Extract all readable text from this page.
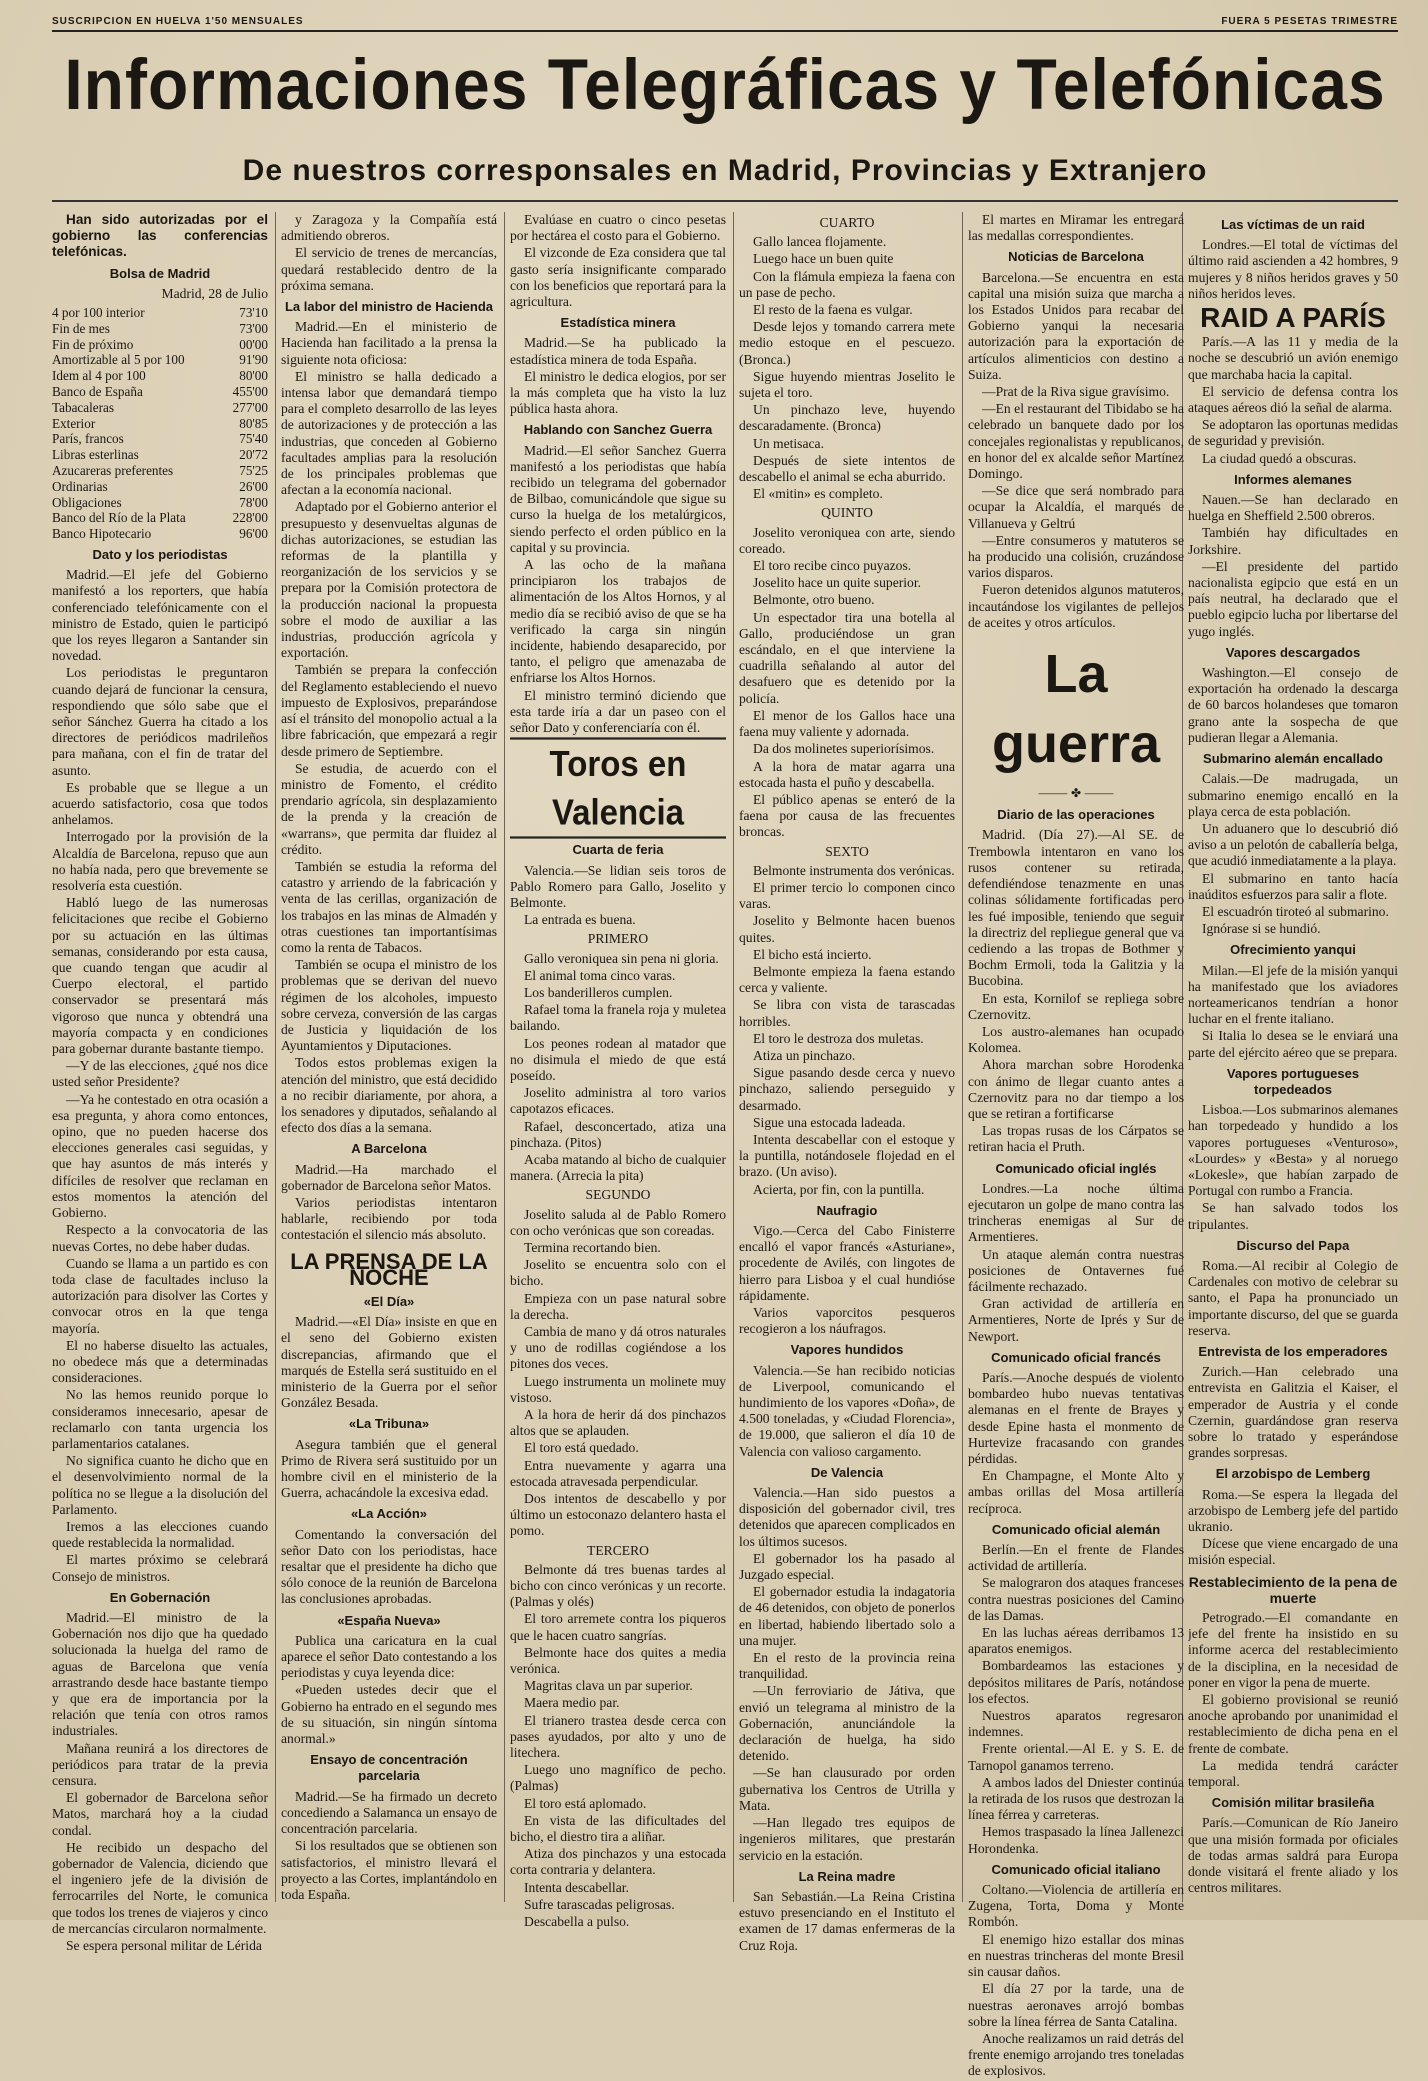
SUSCRIPCION EN HUELVA 1'50 MENSUALES	FUERA 5 PESETAS TRIMESTRE
Informaciones Telegráficas y Telefónicas
De nuestros corresponsales en Madrid, Provincias y Extranjero

Han sido autorizadas por el gobierno las conferencias telefónicas.

Bolsa de Madrid
Madrid, 28 de Julio
4 por 100 interior	73'10
Fin de mes	73'00
Fin de próximo	00'00
Amortizable al 5 por 100	91'90
Idem al 4 por 100	80'00
Banco de España	455'00
Tabacaleras	277'00
Exterior	80'85
París, francos	75'40
Libras esterlinas	20'72
Azucareras preferentes	75'25
Ordinarias	26'00
Obligaciones	78'00
Banco del Río de la Plata	228'00
Banco Hipotecario	96'00
Dato y los periodistas

Madrid.—El jefe del Gobierno manifestó a los reporters, que había conferenciado telefónicamente con el ministro de Estado, quien le participó que los reyes llegaron a Santander sin novedad.

Los periodistas le preguntaron cuando dejará de funcionar la censura, respondiendo que sólo sabe que el señor Sánchez Guerra ha citado a los directores de periódicos madrileños para mañana, con el fin de tratar del asunto.

Es probable que se llegue a un acuerdo satisfactorio, cosa que todos anhelamos.

Interrogado por la provisión de la Alcaldía de Barcelona, repuso que aun no había nada, pero que brevemente se resolvería esta cuestión.

Habló luego de las numerosas felicitaciones que recibe el Gobierno por su actuación en las últimas semanas, considerando por esta causa, que cuando tengan que acudir al Cuerpo electoral, el partido conservador se presentará más vigoroso que nunca y obtendrá una mayoría compacta y en condiciones para gobernar durante bastante tiempo.

—Y de las elecciones, ¿qué nos dice usted señor Presidente?

—Ya he contestado en otra ocasión a esa pregunta, y ahora como entonces, opino, que no pueden hacerse dos elecciones generales casi seguidas, y que hay asuntos de más interés y difíciles de resolver que reclaman en estos momentos la atención del Gobierno.

Respecto a la convocatoria de las nuevas Cortes, no debe haber dudas.

Cuando se llama a un partido es con toda clase de facultades incluso la autorización para disolver las Cortes y convocar otros en la que tenga mayoría.

El no haberse disuelto las actuales, no obedece más que a determinadas consideraciones.

No las hemos reunido porque lo consideramos innecesario, apesar de reclamarlo con tanta urgencia los parlamentarios catalanes.

No significa cuanto he dicho que en el desenvolvimiento normal de la política no se llegue a la disolución del Parlamento.

Iremos a las elecciones cuando quede restablecida la normalidad.

El martes próximo se celebrará Consejo de ministros.

En Gobernación

Madrid.—El ministro de la Gobernación nos dijo que ha quedado solucionada la huelga del ramo de aguas de Barcelona que venía arrastrando desde hace bastante tiempo y que era de importancia por la relación que tenía con otros ramos industriales.

Mañana reunirá a los directores de periódicos para tratar de la previa censura.

El gobernador de Barcelona señor Matos, marchará hoy a la ciudad condal.

He recibido un despacho del gobernador de Valencia, diciendo que el ingeniero jefe de la división de ferrocarriles del Norte, le comunica que todos los trenes de viajeros y cinco de mercancías circularon normalmente.

Se espera personal militar de Lérida

y Zaragoza y la Compañía está admitiendo obreros.

El servicio de trenes de mercancías, quedará restablecido dentro de la próxima semana.

La labor del ministro de Hacienda

Madrid.—En el ministerio de Hacienda han facilitado a la prensa la siguiente nota oficiosa:

El ministro se halla dedicado a intensa labor que demandará tiempo para el completo desarrollo de las leyes de autorizaciones y de protección a las industrias, que conceden al Gobierno facultades amplias para la resolución de los principales problemas que afectan a la economía nacional.

Adaptado por el Gobierno anterior el presupuesto y desenvueltas algunas de dichas autorizaciones, se estudian las reformas de la plantilla y reorganización de los servicios y se prepara por la Comisión protectora de la producción nacional la propuesta sobre el modo de auxiliar a las industrias, producción agrícola y exportación.

También se prepara la confección del Reglamento estableciendo el nuevo impuesto de Explosivos, preparándose así el tránsito del monopolio actual a la libre fabricación, que empezará a regir desde primero de Septiembre.

Se estudia, de acuerdo con el ministro de Fomento, el crédito prendario agrícola, sin desplazamiento de la prenda y la creación de «warrans», que permita dar fluidez al crédito.

También se estudia la reforma del catastro y arriendo de la fabricación y venta de las cerillas, organización de los trabajos en las minas de Almadén y otras cuestiones tan importantísimas como la renta de Tabacos.

También se ocupa el ministro de los problemas que se derivan del nuevo régimen de los alcoholes, impuesto sobre cerveza, conversión de las cargas de Justicia y liquidación de los Ayuntamientos y Diputaciones.

Todos estos problemas exigen la atención del ministro, que está decidido a no recibir diariamente, por ahora, a los senadores y diputados, señalando al efecto dos días a la semana.

A Barcelona

Madrid.—Ha marchado el gobernador de Barcelona señor Matos.

Varios periodistas intentaron hablarle, recibiendo por toda contestación el silencio más absoluto.

LA PRENSA DE LA NOCHE
«El Día»

Madrid.—«El Día» insiste en que en el seno del Gobierno existen discrepancias, afirmando que el marqués de Estella será sustituido en el ministerio de la Guerra por el señor González Besada.

«La Tribuna»

Asegura también que el general Primo de Rivera será sustituido por un hombre civil en el ministerio de la Guerra, achacándole la excesiva edad.

«La Acción»

Comentando la conversación del señor Dato con los periodistas, hace resaltar que el presidente ha dicho que sólo conoce de la reunión de Barcelona las conclusiones aprobadas.

«España Nueva»

Publica una caricatura en la cual aparece el señor Dato contestando a los periodistas y cuya leyenda dice:

«Pueden ustedes decir que el Gobierno ha entrado en el segundo mes de su situación, sin ningún síntoma anormal.»

Ensayo de concentración parcelaria

Madrid.—Se ha firmado un decreto concediendo a Salamanca un ensayo de concentración parcelaria.

Si los resultados que se obtienen son satisfactorios, el ministro llevará el proyecto a las Cortes, implantándolo en toda España.

Evalúase en cuatro o cinco pesetas por hectárea el costo para el Gobierno.

El vizconde de Eza considera que tal gasto sería insignificante comparado con los beneficios que reportará para la agricultura.

Estadística minera

Madrid.—Se ha publicado la estadística minera de toda España.

El ministro le dedica elogios, por ser la más completa que ha visto la luz pública hasta ahora.

Hablando con Sanchez Guerra

Madrid.—El señor Sanchez Guerra manifestó a los periodistas que había recibido un telegrama del gobernador de Bilbao, comunicándole que sigue su curso la huelga de los metalúrgicos, siendo perfecto el orden público en la capital y su provincia.

A las ocho de la mañana principiaron los trabajos de alimentación de los Altos Hornos, y al medio día se recibió aviso de que se ha verificado la carga sin ningún incidente, habiendo desaparecido, por tanto, el peligro que amenazaba de enfriarse los Altos Hornos.

El ministro terminó diciendo que esta tarde iría a dar un paseo con el señor Dato y conferenciaría con él.

Toros en Valencia
Cuarta de feria

Valencia.—Se lidian seis toros de Pablo Romero para Gallo, Joselito y Belmonte.

La entrada es buena.

PRIMERO

Gallo veroniquea sin pena ni gloria.

El animal toma cinco varas.

Los banderilleros cumplen.

Rafael toma la franela roja y muletea bailando.

Los peones rodean al matador que no disimula el miedo de que está poseído.

Joselito administra al toro varios capotazos eficaces.

Rafael, desconcertado, atiza una pinchaza. (Pitos)

Acaba matando al bicho de cualquier manera. (Arrecia la pita)

SEGUNDO

Joselito saluda al de Pablo Romero con ocho verónicas que son coreadas.

Termina recortando bien.

Joselito se encuentra solo con el bicho.

Empieza con un pase natural sobre la derecha.

Cambia de mano y dá otros naturales y uno de rodillas cogiéndose a los pitones dos veces.

Luego instrumenta un molinete muy vistoso.

A la hora de herir dá dos pinchazos altos que se aplauden.

El toro está quedado.

Entra nuevamente y agarra una estocada atravesada perpendicular.

Dos intentos de descabello y por último un estoconazo delantero hasta el pomo.

TERCERO

Belmonte dá tres buenas tardes al bicho con cinco verónicas y un recorte. (Palmas y olés)

El toro arremete contra los piqueros que le hacen cuatro sangrías.

Belmonte hace dos quites a media verónica.

Magritas clava un par superior.

Maera medio par.

El trianero trastea desde cerca con pases ayudados, por alto y uno de litechera.

Luego uno magnífico de pecho. (Palmas)

El toro está aplomado.

En vista de las dificultades del bicho, el diestro tira a aliñar.

Atiza dos pinchazos y una estocada corta contraria y delantera.

Intenta descabellar.

Sufre tarascadas peligrosas.

Descabella a pulso.

CUARTO

Gallo lancea flojamente.

Luego hace un buen quite

Con la flámula empieza la faena con un pase de pecho.

El resto de la faena es vulgar.

Desde lejos y tomando carrera mete medio estoque en el pescuezo. (Bronca.)

Sigue huyendo mientras Joselito le sujeta el toro.

Un pinchazo leve, huyendo descaradamente. (Bronca)

Un metisaca.

Después de siete intentos de descabello el animal se echa aburrido.

El «mitin» es completo.

QUINTO

Joselito veroniquea con arte, siendo coreado.

El toro recibe cinco puyazos.

Joselito hace un quite superior.

Belmonte, otro bueno.

Un espectador tira una botella al Gallo, produciéndose un gran escándalo, en el que interviene la cuadrilla señalando al autor del desafuero que es detenido por la policía.

El menor de los Gallos hace una faena muy valiente y adornada.

Da dos molinetes superiorísimos.

A la hora de matar agarra una estocada hasta el puño y descabella.

El público apenas se enteró de la faena por causa de las frecuentes broncas.

SEXTO

Belmonte instrumenta dos verónicas.

El primer tercio lo componen cinco varas.

Joselito y Belmonte hacen buenos quites.

El bicho está incierto.

Belmonte empieza la faena estando cerca y valiente.

Se libra con vista de tarascadas horribles.

El toro le destroza dos muletas.

Atiza un pinchazo.

Sigue pasando desde cerca y nuevo pinchazo, saliendo perseguido y desarmado.

Sigue una estocada ladeada.

Intenta descabellar con el estoque y la puntilla, notándosele flojedad en el brazo. (Un aviso).

Acierta, por fin, con la puntilla.

Naufragio

Vigo.—Cerca del Cabo Finisterre encalló el vapor francés «Asturiane», procedente de Avilés, con lingotes de hierro para Lisboa y el cual hundióse rápidamente.

Varios vaporcitos pesqueros recogieron a los náufragos.

Vapores hundidos

Valencia.—Se han recibido noticias de Liverpool, comunicando el hundimiento de los vapores «Doña», de 4.500 toneladas, y «Ciudad Florencia», de 19.000, que salieron el día 10 de Valencia con valioso cargamento.

De Valencia

Valencia.—Han sido puestos a disposición del gobernador civil, tres detenidos que aparecen complicados en los últimos sucesos.

El gobernador los ha pasado al Juzgado especial.

El gobernador estudia la indagatoria de 46 detenidos, con objeto de ponerlos en libertad, habiendo libertado solo a una mujer.

En el resto de la provincia reina tranquilidad.

—Un ferroviario de Játiva, que envió un telegrama al ministro de la Gobernación, anunciándole la declaración de huelga, ha sido detenido.

—Se han clausurado por orden gubernativa los Centros de Utrilla y Mata.

—Han llegado tres equipos de ingenieros militares, que prestarán servicio en la estación.

La Reina madre

San Sebastián.—La Reina Cristina estuvo presenciando en el Instituto el examen de 17 damas enfermeras de la Cruz Roja.

El martes en Miramar les entregará las medallas correspondientes.

Noticias de Barcelona

Barcelona.—Se encuentra en esta capital una misión suiza que marcha a los Estados Unidos para recabar del Gobierno yanqui la necesaria autorización para la exportación de artículos alimenticios con destino a Suiza.

—Prat de la Riva sigue gravísimo.

—En el restaurant del Tibidabo se ha celebrado un banquete dado por los concejales regionalistas y republicanos, en honor del ex alcalde señor Martínez Domingo.

—Se dice que será nombrado para ocupar la Alcaldía, el marqués de Villanueva y Geltrú

—Entre consumeros y matuteros se ha producido una colisión, cruzándose varios disparos.

Fueron detenidos algunos matuteros, incautándose los vigilantes de pellejos de aceites y otros artículos.

La guerra
⸻ ✤ ⸻
Diario de las operaciones

Madrid. (Día 27).—Al SE. de Trembowla intentaron en vano los rusos contener su retirada, defendiéndose tenazmente en unas colinas sólidamente fortificadas pero les fué imposible, teniendo que seguir la directriz del repliegue general que va cediendo a las tropas de Bothmer y Bochm Ermoli, toda la Galitzia y la Bucobina.

En esta, Kornilof se repliega sobre Czernovitz.

Los austro-alemanes han ocupado Kolomea.

Ahora marchan sobre Horodenka con ánimo de llegar cuanto antes a Czernovitz para no dar tiempo a los que se retiran a fortificarse

Las tropas rusas de los Cárpatos se retiran hacia el Pruth.

Comunicado oficial inglés

Londres.—La noche última ejecutaron un golpe de mano contra las trincheras enemigas al Sur de Armentieres.

Un ataque alemán contra nuestras posiciones de Ontavernes fué fácilmente rechazado.

Gran actividad de artillería en Armentieres, Norte de Iprés y Sur de Newport.

Comunicado oficial francés

París.—Anoche después de violento bombardeo hubo nuevas tentativas alemanas en el frente de Brayes y desde Epine hasta el monmento de Hurtevize fracasando con grandes pérdidas.

En Champagne, el Monte Alto y ambas orillas del Mosa artillería recíproca.

Comunicado oficial alemán

Berlín.—En el frente de Flandes actividad de artillería.

Se malograron dos ataques franceses contra nuestras posiciones del Camino de las Damas.

En las luchas aéreas derribamos 13 aparatos enemigos.

Bombardeamos las estaciones y depósitos militares de París, notándose los efectos.

Nuestros aparatos regresaron indemnes.

Frente oriental.—Al E. y S. E. de Tarnopol ganamos terreno.

A ambos lados del Dniester continúa la retirada de los rusos que destrozan la línea férrea y carreteras.

Hemos traspasado la línea Jallenezci Horondenka.

Comunicado oficial italiano

Coltano.—Violencia de artillería en Zugena, Torta, Doma y Monte Rombón.

El enemigo hizo estallar dos minas en nuestras trincheras del monte Bresil sin causar daños.

El día 27 por la tarde, una de nuestras aeronaves arrojó bombas sobre la línea férrea de Santa Catalina.

Anoche realizamos un raid detrás del frente enemigo arrojando tres toneladas de explosivos.

Las víctimas de un raid

Londres.—El total de víctimas del último raid ascienden a 42 hombres, 9 mujeres y 8 niños heridos graves y 50 niños heridos leves.

RAID A PARÍS

París.—A las 11 y media de la noche se descubrió un avión enemigo que marchaba hacia la capital.

El servicio de defensa contra los ataques aéreos dió la señal de alarma.

Se adoptaron las oportunas medidas de seguridad y previsión.

La ciudad quedó a obscuras.

Informes alemanes

Nauen.—Se han declarado en huelga en Sheffield 2.500 obreros.

También hay dificultades en Jorkshire.

—El presidente del partido nacionalista egipcio que está en un país neutral, ha declarado que el pueblo egipcio lucha por libertarse del yugo inglés.

Vapores descargados

Washington.—El consejo de exportación ha ordenado la descarga de 60 barcos holandeses que tomaron grano ante la sospecha de que pudieran llegar a Alemania.

Submarino alemán encallado

Calais.—De madrugada, un submarino enemigo encalló en la playa cerca de esta población.

Un aduanero que lo descubrió dió aviso a un pelotón de caballería belga, que acudió inmediatamente a la playa.

El submarino en tanto hacía inaúditos esfuerzos para salir a flote.

El escuadrón tiroteó al submarino.

Ignórase si se hundió.

Ofrecimiento yanqui

Milan.—El jefe de la misión yanqui ha manifestado que los aviadores norteamericanos tendrían a honor luchar en el frente italiano.

Si Italia lo desea se le enviará una parte del ejército aéreo que se prepara.

Vapores portugueses torpedeados

Lisboa.—Los submarinos alemanes han torpedeado y hundido a los vapores portugueses «Venturoso», «Lourdes» y «Besta» y al noruego «Lokesle», que habían zarpado de Portugal con rumbo a Francia.

Se han salvado todos los tripulantes.

Discurso del Papa

Roma.—Al recibir al Colegio de Cardenales con motivo de celebrar su santo, el Papa ha pronunciado un importante discurso, del que se guarda reserva.

Entrevista de los emperadores

Zurich.—Han celebrado una entrevista en Galitzia el Kaiser, el emperador de Austria y el conde Czernin, guardándose gran reserva sobre lo tratado y esperándose grandes sorpresas.

El arzobispo de Lemberg

Roma.—Se espera la llegada del arzobispo de Lemberg jefe del partido ukranio.

Dícese que viene encargado de una misión especial.

Restablecimiento de la pena de muerte

Petrogrado.—El comandante en jefe del frente ha insistido en su informe acerca del restablecimiento de la disciplina, en la necesidad de poner en vigor la pena de muerte.

El gobierno provisional se reunió anoche aprobando por unanimidad el restablecimiento de dicha pena en el frente de combate.

La medida tendrá carácter temporal.

Comisión militar brasileña

París.—Comunican de Río Janeiro que una misión formada por oficiales de todas armas saldrá para Europa donde visitará el frente aliado y los centros militares.
